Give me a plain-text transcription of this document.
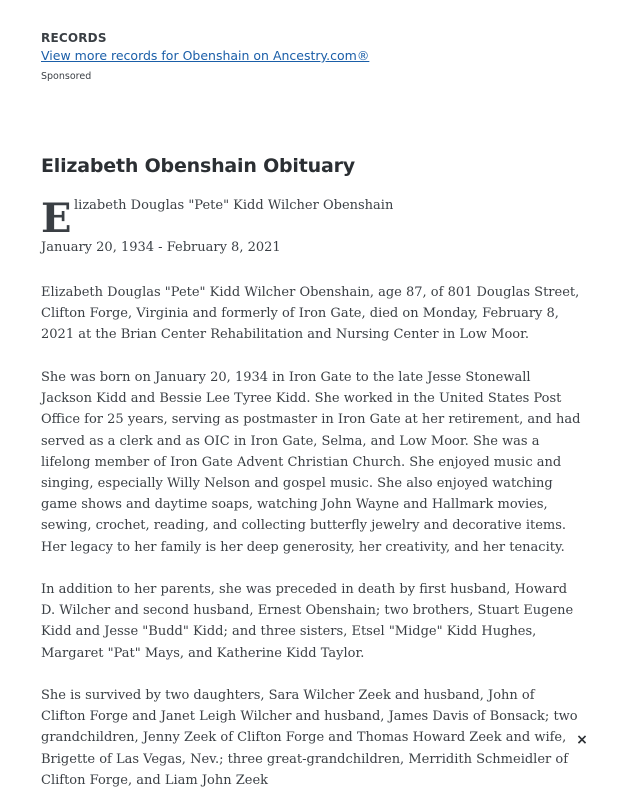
RECORDS
View more records for Obenshain on Ancestry.com®
Sponsored
Elizabeth Obenshain Obituary
E lizabeth Douglas "Pete" Kidd Wilcher Obenshain
January 20, 1934 - February 8, 2021

Elizabeth Douglas "Pete" Kidd Wilcher Obenshain, age 87, of 801 Douglas Street, Clifton Forge, Virginia and formerly of Iron Gate, died on Monday, February 8, 2021 at the Brian Center Rehabilitation and Nursing Center in Low Moor.

She was born on January 20, 1934 in Iron Gate to the late Jesse Stonewall Jackson Kidd and Bessie Lee Tyree Kidd. She worked in the United States Post Office for 25 years, serving as postmaster in Iron Gate at her retirement, and had served as a clerk and as OIC in Iron Gate, Selma, and Low Moor. She was a lifelong member of Iron Gate Advent Christian Church. She enjoyed music and singing, especially Willy Nelson and gospel music. She also enjoyed watching game shows and daytime soaps, watching John Wayne and Hallmark movies, sewing, crochet, reading, and collecting butterfly jewelry and decorative items. Her legacy to her family is her deep generosity, her creativity, and her tenacity.

In addition to her parents, she was preceded in death by first husband, Howard D. Wilcher and second husband, Ernest Obenshain; two brothers, Stuart Eugene Kidd and Jesse "Budd" Kidd; and three sisters, Etsel "Midge" Kidd Hughes, Margaret "Pat" Mays, and Katherine Kidd Taylor.

She is survived by two daughters, Sara Wilcher Zeek and husband, John of Clifton Forge and Janet Leigh Wilcher and husband, James Davis of Bonsack; two grandchildren, Jenny Zeek of Clifton Forge and Thomas Howard Zeek and wife, Brigette of Las Vegas, Nev.; three great-grandchildren, Merridith Schmeidler of Clifton Forge, and Liam John Zeek

×
